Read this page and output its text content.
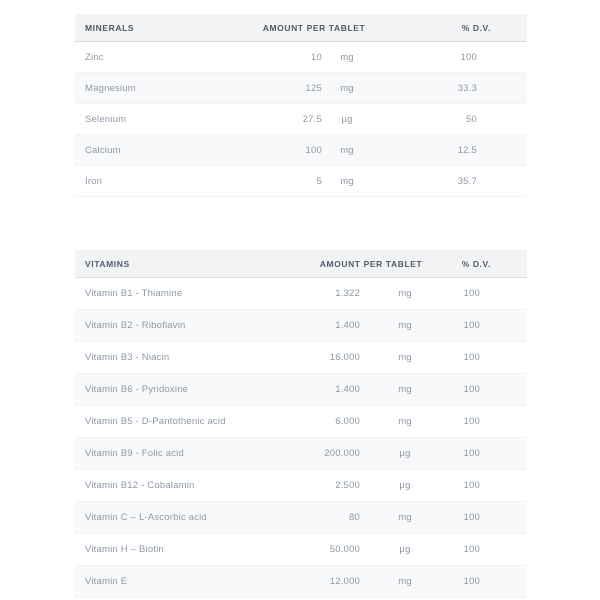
MINERALS	AMOUNT PER TABLET	% D.V.
Zinc	10	mg	100
Magnesium	125	mg	33.3
Selenium	27.5	µg	50
Calcium	100	mg	12.5
Iron	5	mg	35.7
VITAMINS	AMOUNT PER TABLET	% D.V.
Vitamin B1 - Thiamine	1.322	mg	100
Vitamin B2 - Riboflavin	1.400	mg	100
Vitamin B3 - Niacin	16.000	mg	100
Vitamin B6 - Pyridoxine	1.400	mg	100
Vitamin B5 - D-Pantothenic acid	6.000	mg	100
Vitamin B9 - Folic acid	200.000	µg	100
Vitamin B12 - Cobalamin	2.500	µg	100
Vitamin C – L-Ascorbic acid	80	mg	100
Vitamin H – Biotin	50.000	µg	100
Vitamin E	12.000	mg	100
